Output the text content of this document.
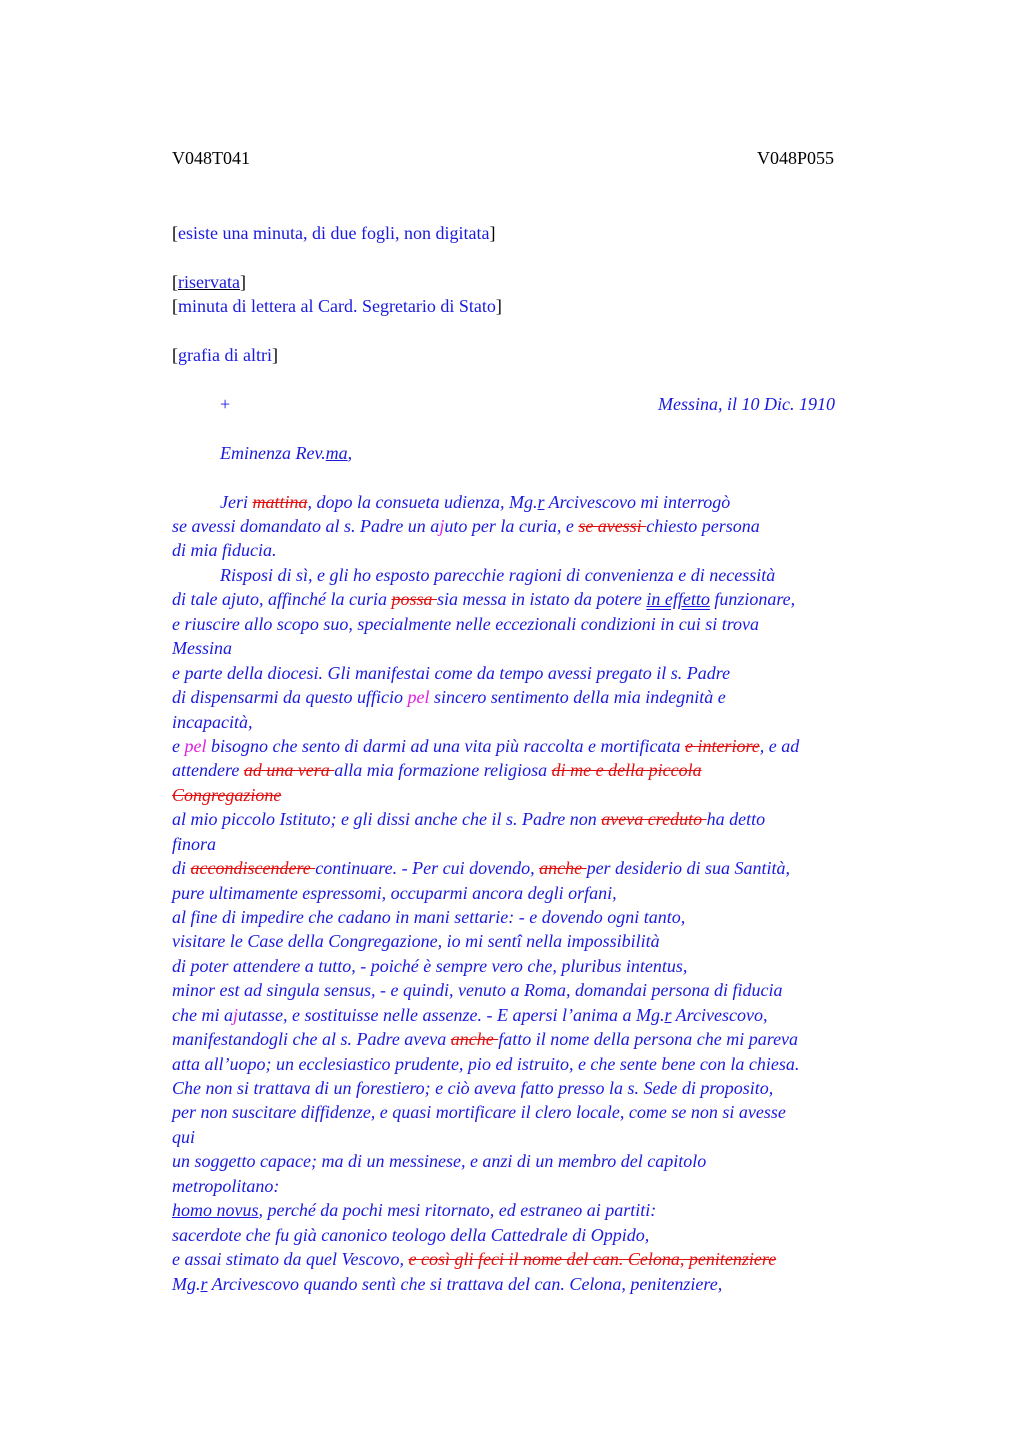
V048T041	V048P055
[esiste una minuta, di due fogli, non digitata]
[riservata]
[minuta di lettera al Card. Segretario di Stato]
[grafia di altri]
+	Messina, il 10 Dic. 1910
Eminenza Rev.ma,
Jeri mattina, dopo la consueta udienza, Mg.r Arcivescovo mi interrogò
se avessi domandato al s. Padre un ajuto per la curia, e se avessi chiesto persona
di mia fiducia.
Risposi di sì, e gli ho esposto parecchie ragioni di convenienza e di necessità
di tale ajuto, affinché la curia possa sia messa in istato da potere in effetto funzionare,
e riuscire allo scopo suo, specialmente nelle eccezionali condizioni in cui si trova
Messina
e parte della diocesi. Gli manifestai come da tempo avessi pregato il s. Padre
di dispensarmi da questo ufficio pel sincero sentimento della mia indegnità e
incapacità,
e pel bisogno che sento di darmi ad una vita più raccolta e mortificata e interiore, e ad
attendere ad una vera alla mia formazione religiosa di me e della piccola
Congregazione
al mio piccolo Istituto; e gli dissi anche che il s. Padre non aveva creduto ha detto
finora
di accondiscendere continuare. - Per cui dovendo, anche per desiderio di sua Santità,
pure ultimamente espressomi, occuparmi ancora degli orfani,
al fine di impedire che cadano in mani settarie: - e dovendo ogni tanto,
visitare le Case della Congregazione, io mi sentî nella impossibilità
di poter attendere a tutto, - poiché è sempre vero che, pluribus intentus,
minor est ad singula sensus, - e quindi, venuto a Roma, domandai persona di fiducia
che mi ajutasse, e sostituisse nelle assenze. - E apersi l’anima a Mg.r Arcivescovo,
manifestandogli che al s. Padre aveva anche fatto il nome della persona che mi pareva
atta all’uopo; un ecclesiastico prudente, pio ed istruito, e che sente bene con la chiesa.
Che non si trattava di un forestiero; e ciò aveva fatto presso la s. Sede di proposito,
per non suscitare diffidenze, e quasi mortificare il clero locale, come se non si avesse
qui
un soggetto capace; ma di un messinese, e anzi di un membro del capitolo
metropolitano:
homo novus, perché da pochi mesi ritornato, ed estraneo ai partiti:
sacerdote che fu già canonico teologo della Cattedrale di Oppido,
e assai stimato da quel Vescovo, e così gli feci il nome del can. Celona, penitenziere
Mg.r Arcivescovo quando sentì che si trattava del can. Celona, penitenziere,
